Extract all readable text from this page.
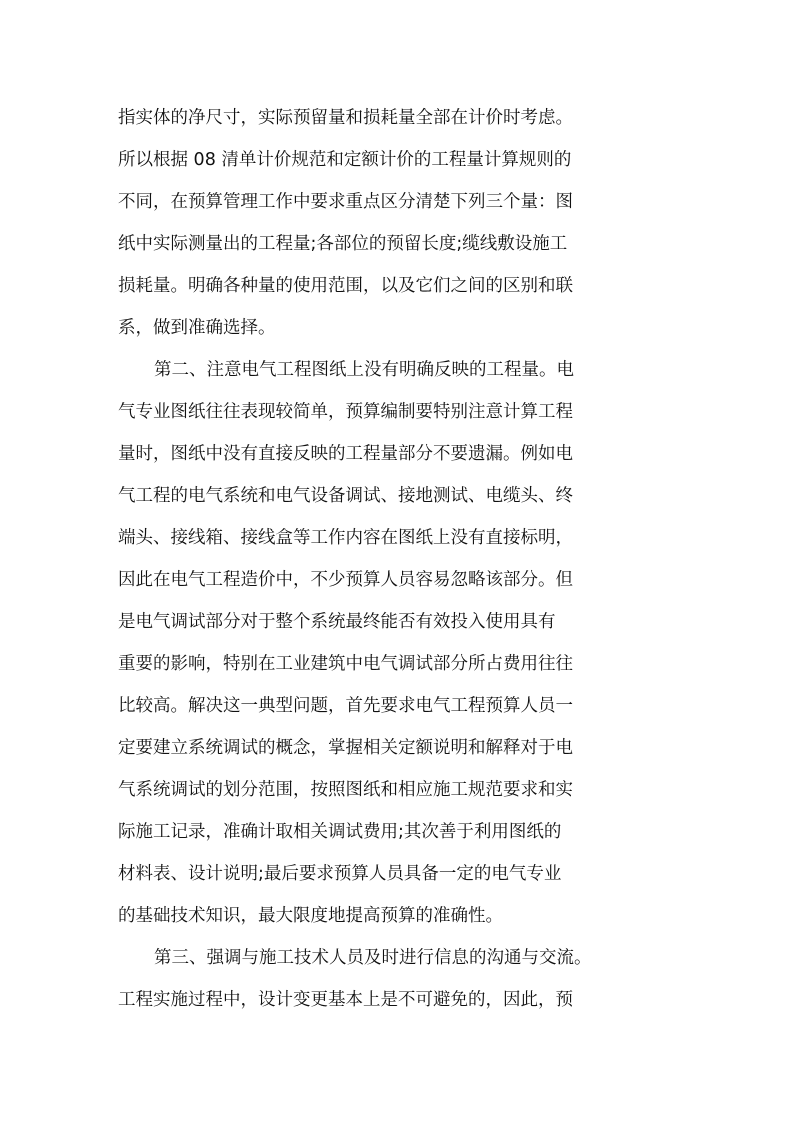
指实体的净尺寸，实际预留量和损耗量全部在计价时考虑。
所以根据 08 清单计价规范和定额计价的工程量计算规则的
不同，在预算管理工作中要求重点区分清楚下列三个量：图
纸中实际测量出的工程量;各部位的预留长度;缆线敷设施工
损耗量。明确各种量的使用范围，以及它们之间的区别和联
系，做到准确选择。
第二、注意电气工程图纸上没有明确反映的工程量。电
气专业图纸往往表现较简单，预算编制要特别注意计算工程
量时，图纸中没有直接反映的工程量部分不要遗漏。例如电
气工程的电气系统和电气设备调试、接地测试、电缆头、终
端头、接线箱、接线盒等工作内容在图纸上没有直接标明，
因此在电气工程造价中，不少预算人员容易忽略该部分。但
是电气调试部分对于整个系统最终能否有效投入使用具有
重要的影响，特别在工业建筑中电气调试部分所占费用往往
比较高。解决这一典型问题，首先要求电气工程预算人员一
定要建立系统调试的概念，掌握相关定额说明和解释对于电
气系统调试的划分范围，按照图纸和相应施工规范要求和实
际施工记录，准确计取相关调试费用;其次善于利用图纸的
材料表、设计说明;最后要求预算人员具备一定的电气专业
的基础技术知识，最大限度地提高预算的准确性。
第三、强调与施工技术人员及时进行信息的沟通与交流。
工程实施过程中，设计变更基本上是不可避免的，因此，预
